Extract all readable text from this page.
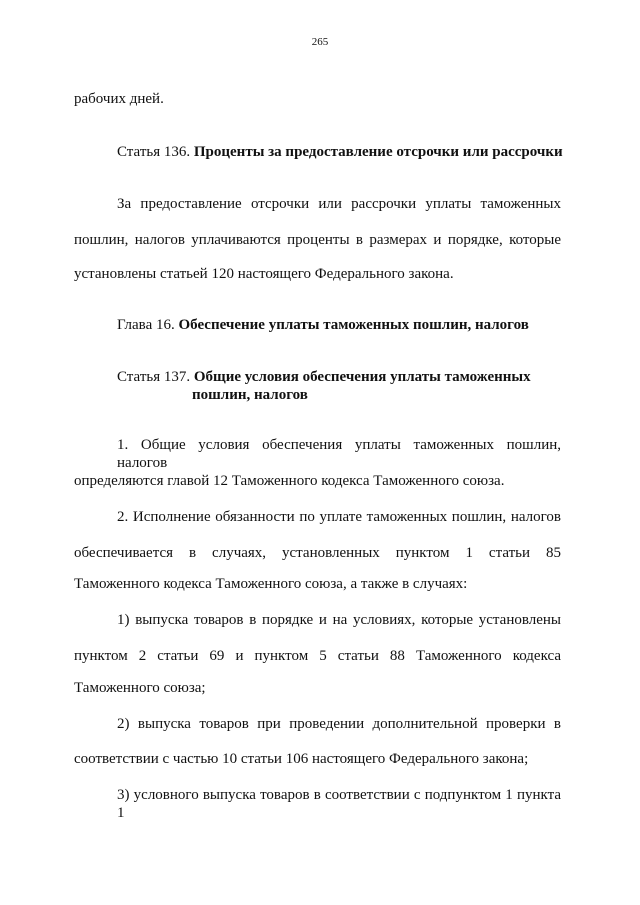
265
рабочих дней.
Статья 136. Проценты за предоставление отсрочки или рассрочки
За предоставление отсрочки или рассрочки уплаты таможенных
пошлин, налогов уплачиваются проценты в размерах и порядке, которые
установлены статьей 120 настоящего Федерального закона.
Глава 16. Обеспечение уплаты таможенных пошлин, налогов
Статья 137. Общие условия обеспечения уплаты таможенных
пошлин, налогов
1. Общие условия обеспечения уплаты таможенных пошлин, налогов
определяются главой 12 Таможенного кодекса Таможенного союза.
2. Исполнение обязанности по уплате таможенных пошлин, налогов
обеспечивается в случаях, установленных пунктом 1 статьи 85
Таможенного кодекса Таможенного союза, а также в случаях:
1) выпуска товаров в порядке и на условиях, которые установлены
пунктом 2 статьи 69 и пунктом 5 статьи 88 Таможенного кодекса
Таможенного союза;
2) выпуска товаров при проведении дополнительной проверки в
соответствии с частью 10 статьи 106 настоящего Федерального закона;
3) условного выпуска товаров в соответствии с подпунктом 1 пункта 1
